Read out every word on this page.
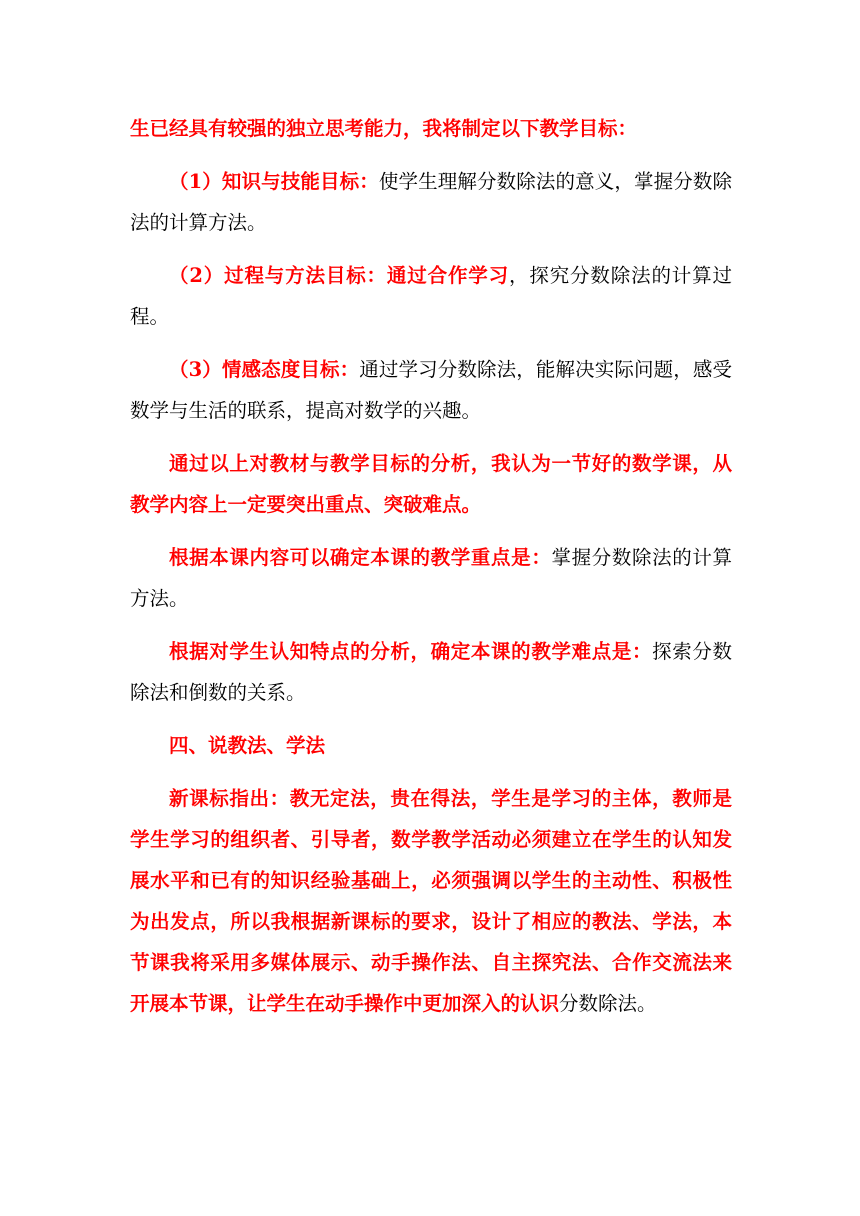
生已经具有较强的独立思考能力，我将制定以下教学目标：

（1）知识与技能目标：使学生理解分数除法的意义，掌握分数除法的计算方法。

（2）过程与方法目标：通过合作学习，探究分数除法的计算过程。

（3）情感态度目标：通过学习分数除法，能解决实际问题，感受数学与生活的联系，提高对数学的兴趣。

通过以上对教材与教学目标的分析，我认为一节好的数学课，从教学内容上一定要突出重点、突破难点。

根据本课内容可以确定本课的教学重点是：掌握分数除法的计算方法。

根据对学生认知特点的分析，确定本课的教学难点是：探索分数除法和倒数的关系。

四、说教法、学法

新课标指出：教无定法，贵在得法，学生是学习的主体，教师是学生学习的组织者、引导者，数学教学活动必须建立在学生的认知发展水平和已有的知识经验基础上，必须强调以学生的主动性、积极性为出发点，所以我根据新课标的要求，设计了相应的教法、学法，本节课我将采用多媒体展示、动手操作法、自主探究法、合作交流法来开展本节课，让学生在动手操作中更加深入的认识分数除法。
